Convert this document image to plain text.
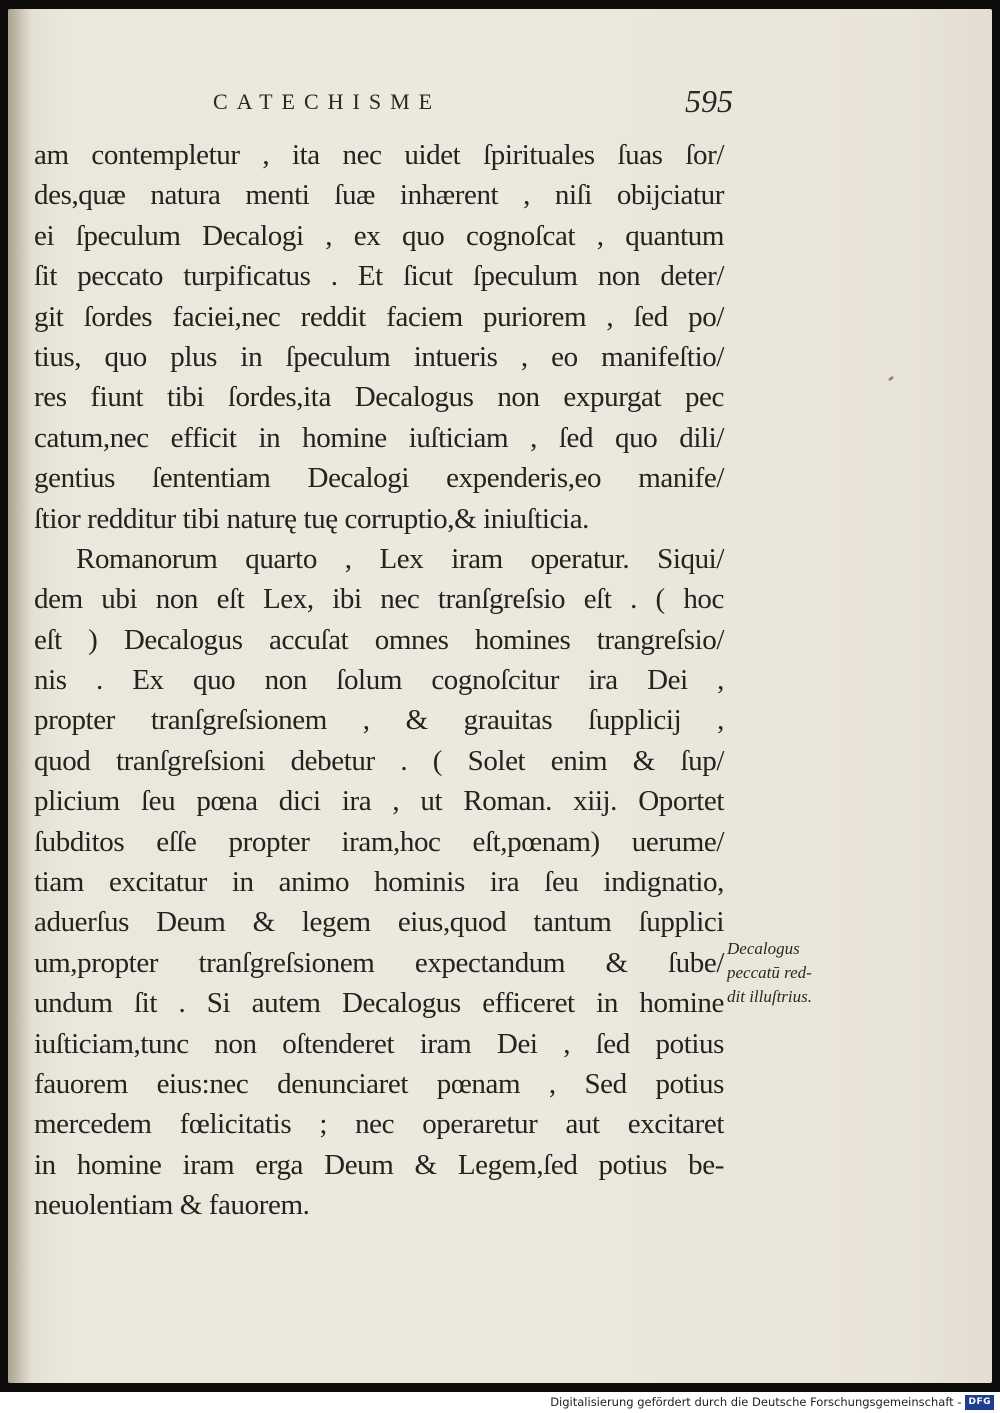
CATECHISME	595
am contempletur , ita nec uidet ſpirituales ſuas ſor/
des,quæ natura menti ſuæ inhærent , niſi obijciatur
ei ſpeculum Decalogi , ex quo cognoſcat , quantum
ſit peccato turpificatus . Et ſicut ſpeculum non deter/
git ſordes faciei,nec reddit faciem puriorem , ſed po/
tius, quo plus in ſpeculum intueris , eo manifeſtio/
res fiunt tibi ſordes,ita Decalogus non expurgat pec
catum,nec efficit in homine iuſticiam , ſed quo dili/
gentius ſententiam Decalogi expenderis,eo manife/
ſtior redditur tibi naturę tuę corruptio,& iniuſticia.
Romanorum quarto , Lex iram operatur. Siqui/
dem ubi non eſt Lex, ibi nec tranſgreſsio eſt . ( hoc
eſt ) Decalogus accuſat omnes homines trangreſsio/
nis . Ex quo non ſolum cognoſcitur ira Dei ,
propter tranſgreſsionem , & grauitas ſupplicij ,
quod tranſgreſsioni debetur . ( Solet enim & ſup/
plicium ſeu pœna dici ira , ut Roman. xiij. Oportet
ſubditos eſſe propter iram,hoc eſt,pœnam) uerume/
tiam excitatur in animo hominis ira ſeu indignatio,
aduerſus Deum & legem eius,quod tantum ſupplici
um,propter tranſgreſsionem expectandum & ſube/
undum ſit . Si autem Decalogus efficeret in homine
iuſticiam,tunc non oſtenderet iram Dei , ſed potius
fauorem eius:nec denunciaret pœnam , Sed potius
mercedem fœlicitatis ; nec operaretur aut excitaret
in homine iram erga Deum & Legem,ſed potius be-
neuolentiam & fauorem.
Decalogus
peccatū red-
dit illuſtrius.
Digitalisierung gefördert durch die Deutsche Forschungsgemeinschaft - DFG
